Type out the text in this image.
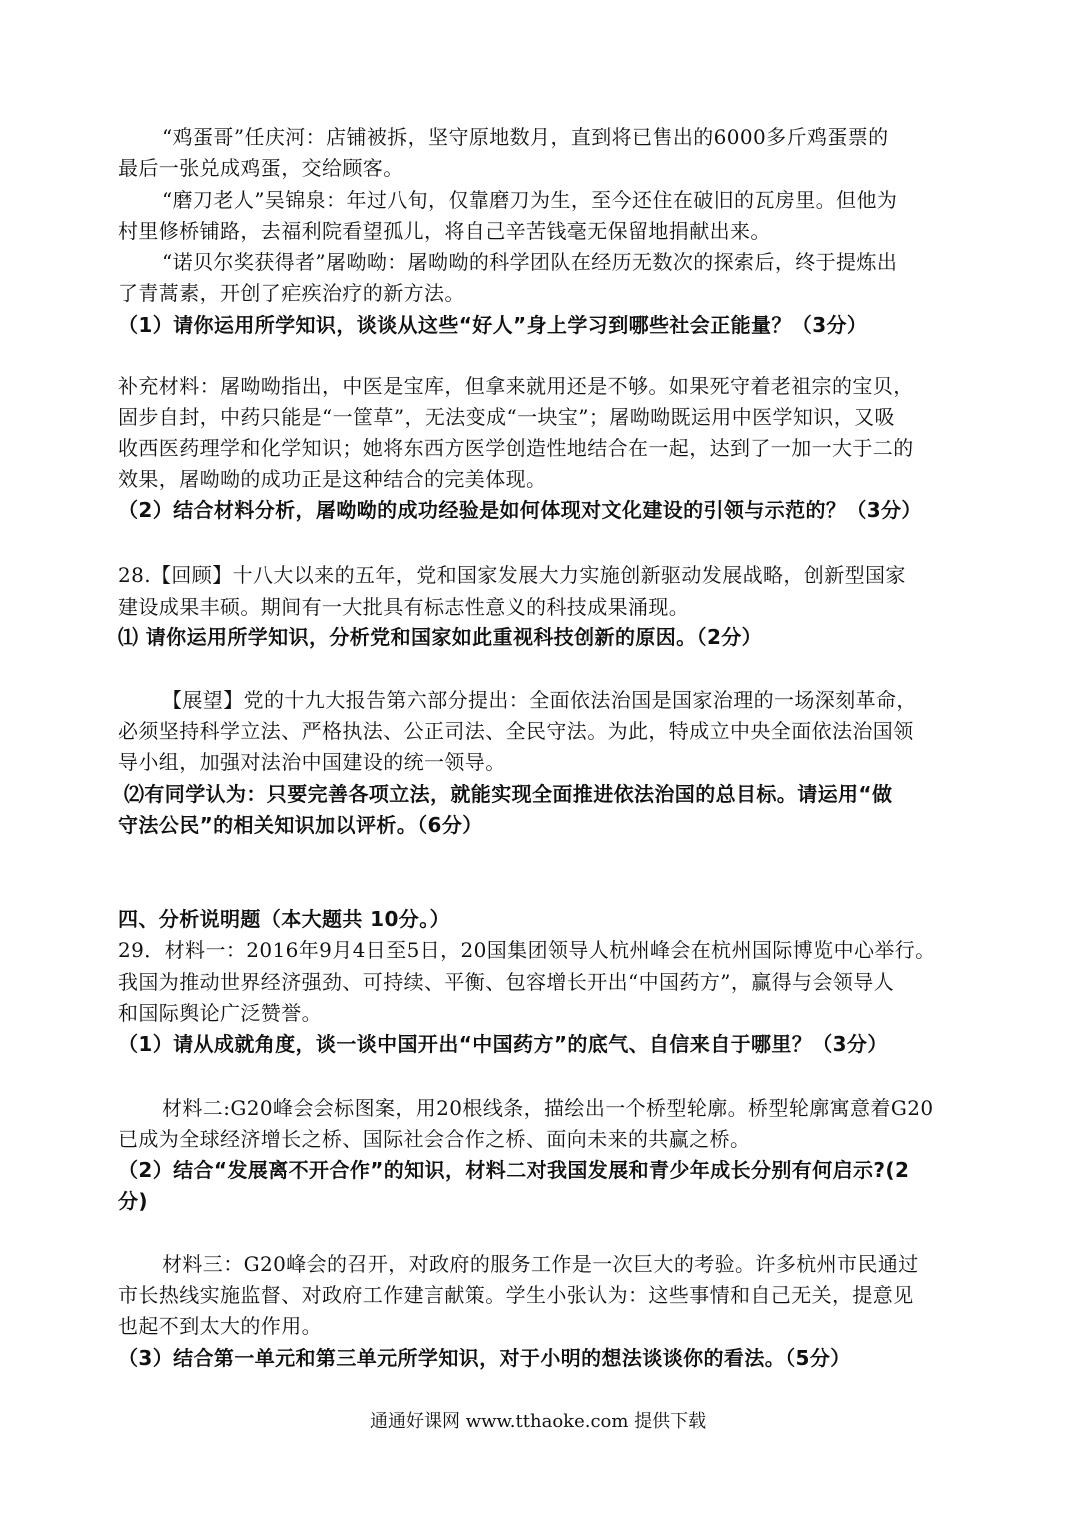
“鸡蛋哥”任庆河：店铺被拆，坚守原地数月，直到将已售出的6000多斤鸡蛋票的
最后一张兑成鸡蛋，交给顾客。
“磨刀老人”吴锦泉：年过八旬，仅靠磨刀为生，至今还住在破旧的瓦房里。但他为
村里修桥铺路，去福利院看望孤儿，将自己辛苦钱毫无保留地捐献出来。
“诺贝尔奖获得者”屠呦呦：屠呦呦的科学团队在经历无数次的探索后，终于提炼出
了青蒿素，开创了疟疾治疗的新方法。
（1）请你运用所学知识，谈谈从这些“好人”身上学习到哪些社会正能量？（3分）
补充材料：屠呦呦指出，中医是宝库，但拿来就用还是不够。如果死守着老祖宗的宝贝，
固步自封，中药只能是“一筐草”，无法变成“一块宝”；屠呦呦既运用中医学知识，又吸
收西医药理学和化学知识；她将东西方医学创造性地结合在一起，达到了一加一大于二的
效果，屠呦呦的成功正是这种结合的完美体现。
（2）结合材料分析，屠呦呦的成功经验是如何体现对文化建设的引领与示范的？（3分）
28.【回顾】十八大以来的五年，党和国家发展大力实施创新驱动发展战略，创新型国家
建设成果丰硕。期间有一大批具有标志性意义的科技成果涌现。
⑴ 请你运用所学知识，分析党和国家如此重视科技创新的原因。（2分）
【展望】党的十九大报告第六部分提出：全面依法治国是国家治理的一场深刻革命，
必须坚持科学立法、严格执法、公正司法、全民守法。为此，特成立中央全面依法治国领
导小组，加强对法治中国建设的统一领导。
⑵有同学认为：只要完善各项立法，就能实现全面推进依法治国的总目标。请运用“做
守法公民”的相关知识加以评析。（6分）
四、分析说明题（本大题共 10分。）
29．材料一：2016年9月4日至5日，20国集团领导人杭州峰会在杭州国际博览中心举行。
我国为推动世界经济强劲、可持续、平衡、包容增长开出“中国药方”，赢得与会领导人
和国际舆论广泛赞誉。
（1）请从成就角度，谈一谈中国开出“中国药方”的底气、自信来自于哪里？（3分）
材料二:G20峰会会标图案，用20根线条，描绘出一个桥型轮廓。桥型轮廓寓意着G20
已成为全球经济增长之桥、国际社会合作之桥、面向未来的共赢之桥。
（2）结合“发展离不开合作”的知识，材料二对我国发展和青少年成长分别有何启示?(2
分)
材料三：G20峰会的召开，对政府的服务工作是一次巨大的考验。许多杭州市民通过
市长热线实施监督、对政府工作建言献策。学生小张认为：这些事情和自己无关，提意见
也起不到太大的作用。
（3）结合第一单元和第三单元所学知识，对于小明的想法谈谈你的看法。（5分）
通通好课网 www.tthaoke.com 提供下载
